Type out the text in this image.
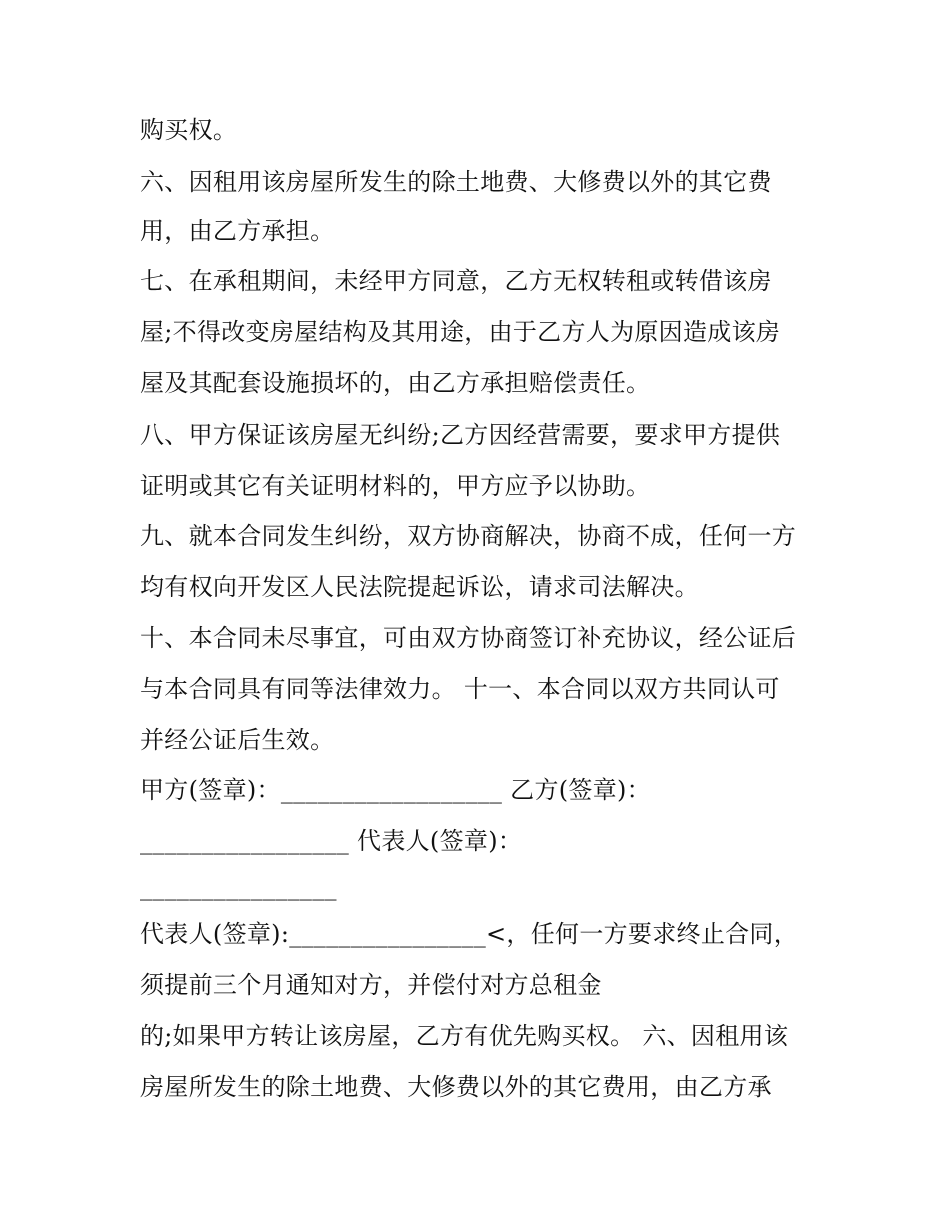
购买权。
六、因租用该房屋所发生的除土地费、大修费以外的其它费
用，由乙方承担。
七、在承租期间，未经甲方同意，乙方无权转租或转借该房
屋;不得改变房屋结构及其用途，由于乙方人为原因造成该房
屋及其配套设施损坏的，由乙方承担赔偿责任。
八、甲方保证该房屋无纠纷;乙方因经营需要，要求甲方提供
证明或其它有关证明材料的，甲方应予以协助。
九、就本合同发生纠纷，双方协商解决，协商不成，任何一方
均有权向开发区人民法院提起诉讼，请求司法解决。
十、本合同未尽事宜，可由双方协商签订补充协议，经公证后
与本合同具有同等法律效力。 十一、本合同以双方共同认可
并经公证后生效。
甲方(签章)：__________________ 乙方(签章)：
_________________ 代表人(签章)：
________________
代表人(签章):________________<，任何一方要求终止合同，
须提前三个月通知对方，并偿付对方总租金
的;如果甲方转让该房屋，乙方有优先购买权。 六、因租用该
房屋所发生的除土地费、大修费以外的其它费用，由乙方承
